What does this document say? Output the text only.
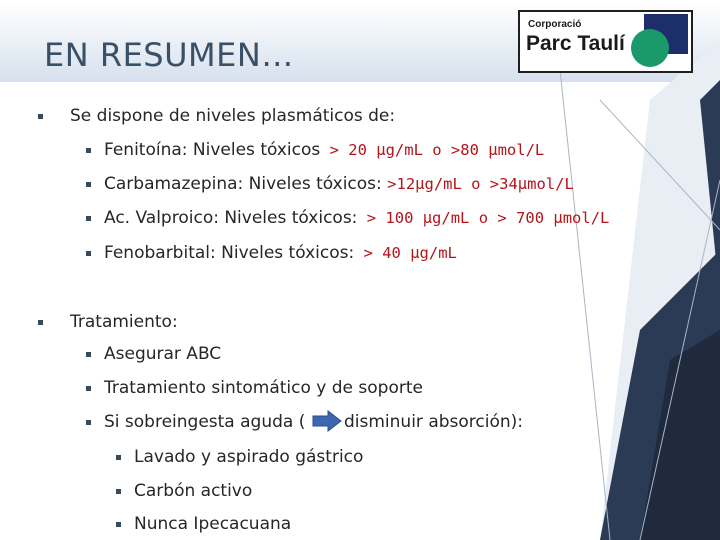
EN RESUMEN…
Corporació
Parc Taulí
Se dispone de niveles plasmáticos de:
Fenitoína: Niveles tóxicos > 20 μg/mL o >80 μmol/L
Carbamazepina: Niveles tóxicos: >12μg/mL o >34μmol/L
Ac. Valproico: Niveles tóxicos: > 100 μg/mL o > 700 μmol/L
Fenobarbital: Niveles tóxicos: > 40 μg/mL
Tratamiento:
Asegurar ABC
Tratamiento sintomático y de soporte
Si sobreingesta aguda ( disminuir absorción):
Lavado y aspirado gástrico
Carbón activo
Nunca Ipecacuana
